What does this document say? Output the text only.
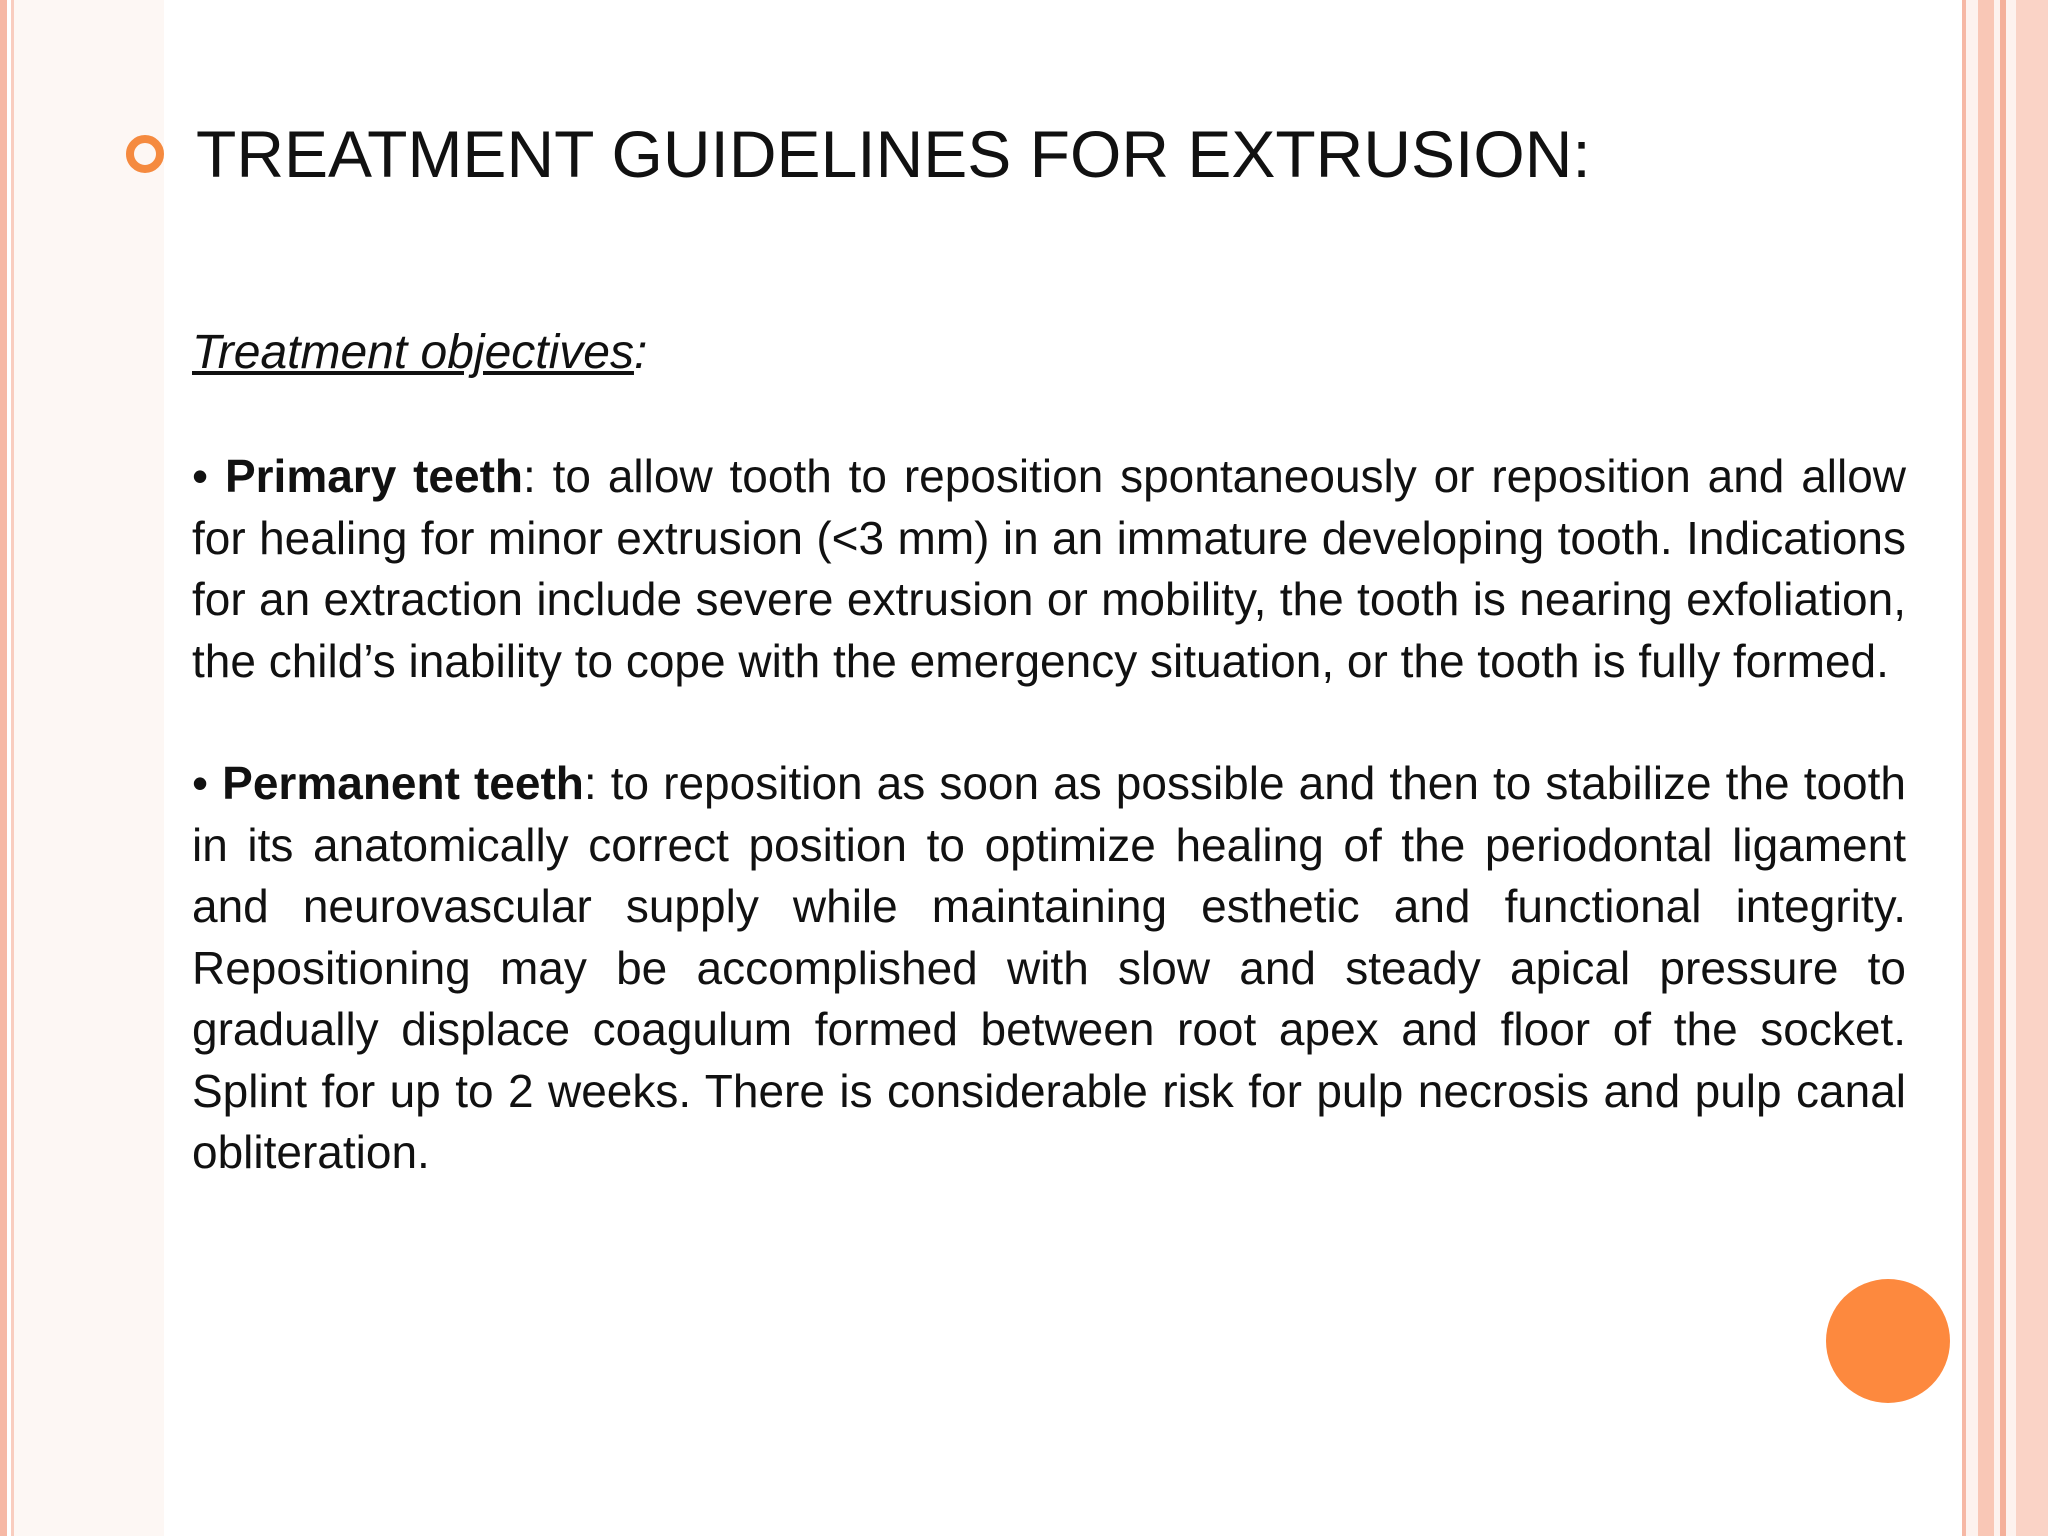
TREATMENT GUIDELINES FOR EXTRUSION:

Treatment objectives:

• Primary teeth: to allow tooth to reposition spontaneously or reposition and allow for healing for minor extrusion (<3 mm) in an immature developing tooth. Indications for an extraction include severe extrusion or mobility, the tooth is nearing exfoliation, the child’s inability to cope with the emergency situation, or the tooth is fully formed.

• Permanent teeth: to reposition as soon as possible and then to stabilize the tooth in its anatomically correct position to optimize healing of the periodontal ligament and neurovascular supply while maintaining esthetic and functional integrity. Repositioning may be accomplished with slow and steady apical pressure to gradually displace coagulum formed between root apex and floor of the socket. Splint for up to 2 weeks. There is considerable risk for pulp necrosis and pulp canal obliteration.
